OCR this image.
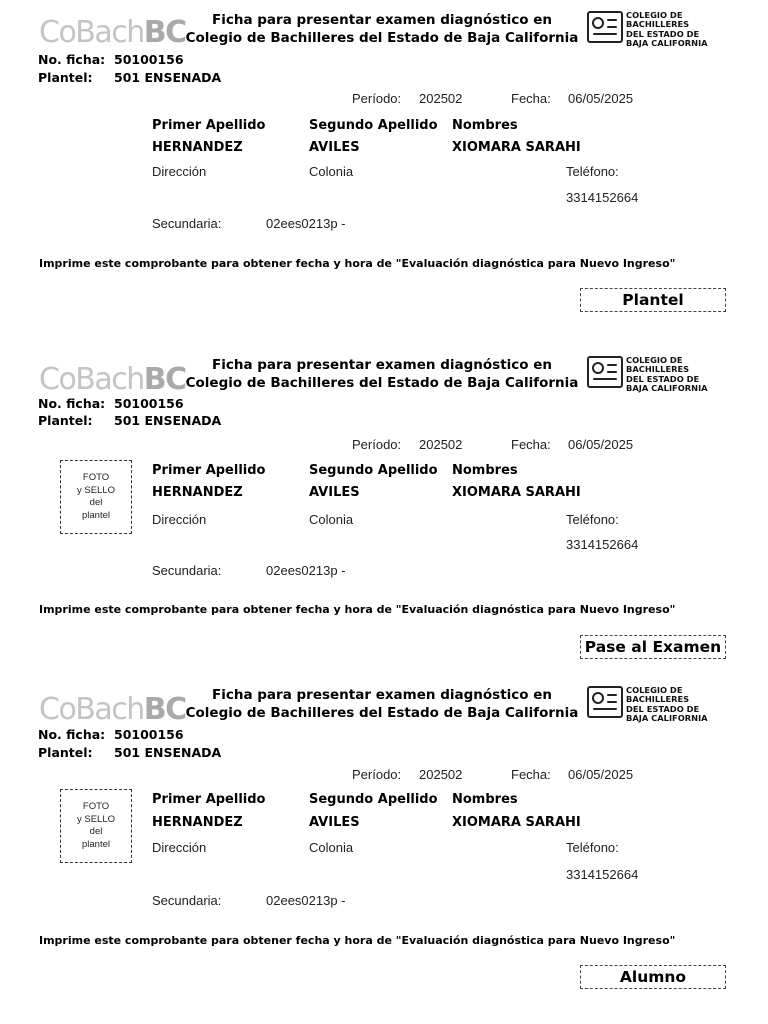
CoBachBC	Ficha para presentar examen diagnóstico en
Colegio de Bachilleres del Estado de Baja California
COLEGIO DE
BACHILLERES
DEL ESTADO DE
BAJA CALIFORNIA
No. ficha: 50100156
Plantel: 501 ENSENADA
Período: 202502	Fecha: 06/05/2025
Primer Apellido	Segundo Apellido Nombres
HERNANDEZ	AVILES	XIOMARA SARAHI
Dirección	Colonia	Teléfono:
3314152664
Secundaria:	02ees0213p -
Imprime este comprobante para obtener fecha y hora de "Evaluación diagnóstica para Nuevo Ingreso"
Plantel
CoBachBC	Ficha para presentar examen diagnóstico en
Colegio de Bachilleres del Estado de Baja California
COLEGIO DE
BACHILLERES
DEL ESTADO DE
BAJA CALIFORNIA
No. ficha: 50100156
Plantel: 501 ENSENADA
Período: 202502	Fecha: 06/05/2025
FOTO
y SELLO
del
plantel
Primer Apellido	Segundo Apellido Nombres
HERNANDEZ	AVILES	XIOMARA SARAHI
Dirección	Colonia	Teléfono:
3314152664
Secundaria:	02ees0213p -
Imprime este comprobante para obtener fecha y hora de "Evaluación diagnóstica para Nuevo Ingreso"
Pase al Examen
CoBachBC	Ficha para presentar examen diagnóstico en
Colegio de Bachilleres del Estado de Baja California
COLEGIO DE
BACHILLERES
DEL ESTADO DE
BAJA CALIFORNIA
No. ficha: 50100156
Plantel: 501 ENSENADA
Período: 202502	Fecha: 06/05/2025
FOTO
y SELLO
del
plantel
Primer Apellido	Segundo Apellido Nombres
HERNANDEZ	AVILES	XIOMARA SARAHI
Dirección	Colonia	Teléfono:
3314152664
Secundaria:	02ees0213p -
Imprime este comprobante para obtener fecha y hora de "Evaluación diagnóstica para Nuevo Ingreso"
Alumno
